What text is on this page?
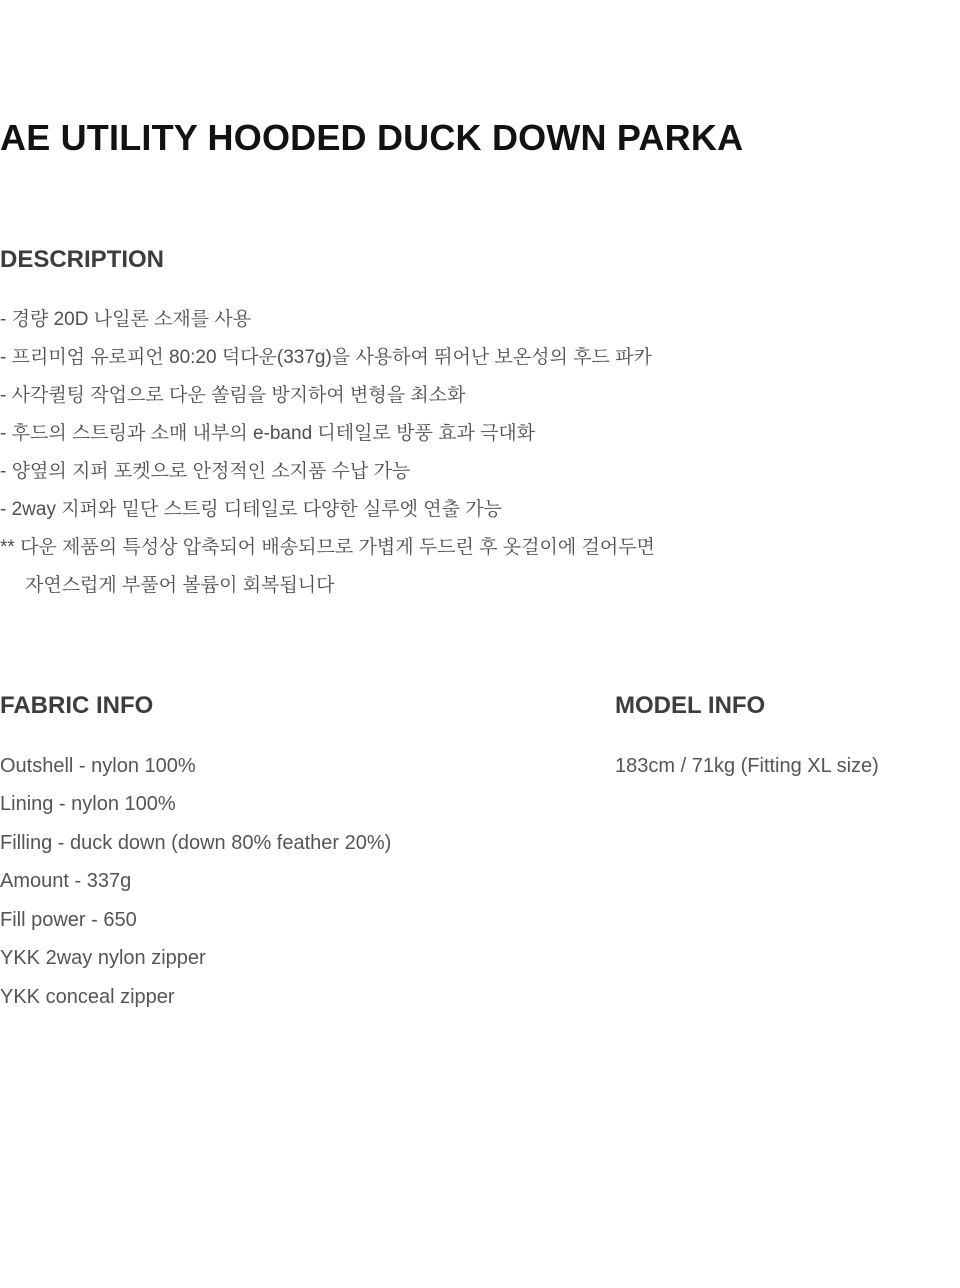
AE UTILITY HOODED DUCK DOWN PARKA
DESCRIPTION
- 경량 20D 나일론 소재를 사용
- 프리미엄 유로피언 80:20 덕다운(337g)을 사용하여 뛰어난 보온성의 후드 파카
- 사각퀼팅 작업으로 다운 쏠림을 방지하여 변형을 최소화
- 후드의 스트링과 소매 내부의 e-band 디테일로 방풍 효과 극대화
- 양옆의 지퍼 포켓으로 안정적인 소지품 수납 가능
- 2way 지퍼와 밑단 스트링 디테일로 다양한 실루엣 연출 가능
** 다운 제품의 특성상 압축되어 배송되므로 가볍게 두드린 후 옷걸이에 걸어두면
자연스럽게 부풀어 볼륨이 회복됩니다
FABRIC INFO
Outshell - nylon 100%
Lining - nylon 100%
Filling - duck down (down 80% feather 20%)
Amount - 337g
Fill power - 650
YKK 2way nylon zipper
YKK conceal zipper
MODEL INFO
183cm / 71kg (Fitting XL size)
